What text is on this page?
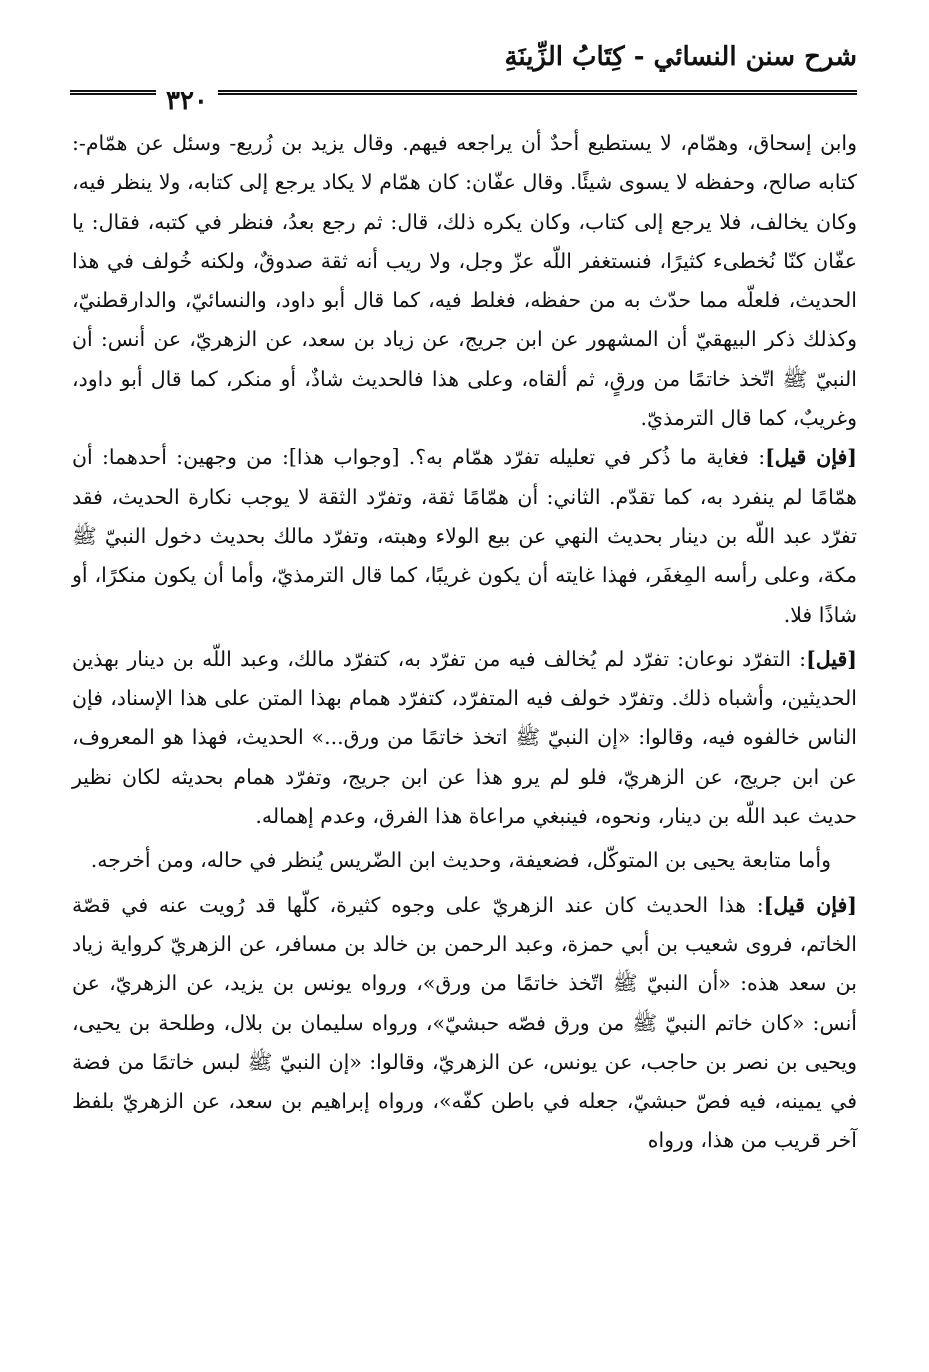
شرح سنن النسائي - كِتَابُ الزِّينَةِ
٣٢٠

وابن إسحاق، وهمّام، لا يستطيع أحدٌ أن يراجعه فيهم. وقال يزيد بن زُريع- وسئل عن همّام-: كتابه صالح، وحفظه لا يسوى شيئًا. وقال عفّان: كان همّام لا يكاد يرجع إلى كتابه، ولا ينظر فيه، وكان يخالف، فلا يرجع إلى كتاب، وكان يكره ذلك، قال: ثم رجع بعدُ، فنظر في كتبه، فقال: يا عفّان كنّا نُخطىء كثيرًا، فنستغفر اللّه عزّ وجل، ولا ريب أنه ثقة صدوقٌ، ولكنه خُولف في هذا الحديث، فلعلّه مما حدّث به من حفظه، فغلط فيه، كما قال أبو داود، والنسائيّ، والدارقطنيّ، وكذلك ذكر البيهقيّ أن المشهور عن ابن جريج، عن زياد بن سعد، عن الزهريّ، عن أنس: أن النبيّ ﷺ اتّخذ خاتمًا من ورقٍ، ثم ألقاه، وعلى هذا فالحديث شاذٌ، أو منكر، كما قال أبو داود، وغريبٌ، كما قال الترمذيّ.

[فإن قيل]: فغاية ما ذُكر في تعليله تفرّد همّام به؟. [وجواب هذا]: من وجهين: أحدهما: أن همّامًا لم ينفرد به، كما تقدّم. الثاني: أن همّامًا ثقة، وتفرّد الثقة لا يوجب نكارة الحديث، فقد تفرّد عبد اللّه بن دينار بحديث النهي عن بيع الولاء وهبته، وتفرّد مالك بحديث دخول النبيّ ﷺ مكة، وعلى رأسه المِغفَر، فهذا غايته أن يكون غريبًا، كما قال الترمذيّ، وأما أن يكون منكرًا، أو شاذًا فلا.

[قيل]: التفرّد نوعان: تفرّد لم يُخالف فيه من تفرّد به، كتفرّد مالك، وعبد اللّه بن دينار بهذين الحديثين، وأشباه ذلك. وتفرّد خولف فيه المتفرّد، كتفرّد همام بهذا المتن على هذا الإسناد، فإن الناس خالفوه فيه، وقالوا: «إن النبيّ ﷺ اتخذ خاتمًا من ورق...» الحديث، فهذا هو المعروف، عن ابن جريج، عن الزهريّ، فلو لم يرو هذا عن ابن جريج، وتفرّد همام بحديثه لكان نظير حديث عبد اللّه بن دينار، ونحوه، فينبغي مراعاة هذا الفرق، وعدم إهماله.

وأما متابعة يحيى بن المتوكّل، فضعيفة، وحديث ابن الضّريس يُنظر في حاله، ومن أخرجه.

[فإن قيل]: هذا الحديث كان عند الزهريّ على وجوه كثيرة، كلّها قد رُويت عنه في قصّة الخاتم، فروى شعيب بن أبي حمزة، وعبد الرحمن بن خالد بن مسافر، عن الزهريّ كرواية زياد بن سعد هذه: «أن النبيّ ﷺ اتّخذ خاتمًا من ورق»، ورواه يونس بن يزيد، عن الزهريّ، عن أنس: «كان خاتم النبيّ ﷺ من ورق فصّه حبشيّ»، ورواه سليمان بن بلال، وطلحة بن يحيى، ويحيى بن نصر بن حاجب، عن يونس، عن الزهريّ، وقالوا: «إن النبيّ ﷺ لبس خاتمًا من فضة في يمينه، فيه فصّ حبشيّ، جعله في باطن كفّه»، ورواه إبراهيم بن سعد، عن الزهريّ بلفظ آخر قريب من هذا، ورواه
